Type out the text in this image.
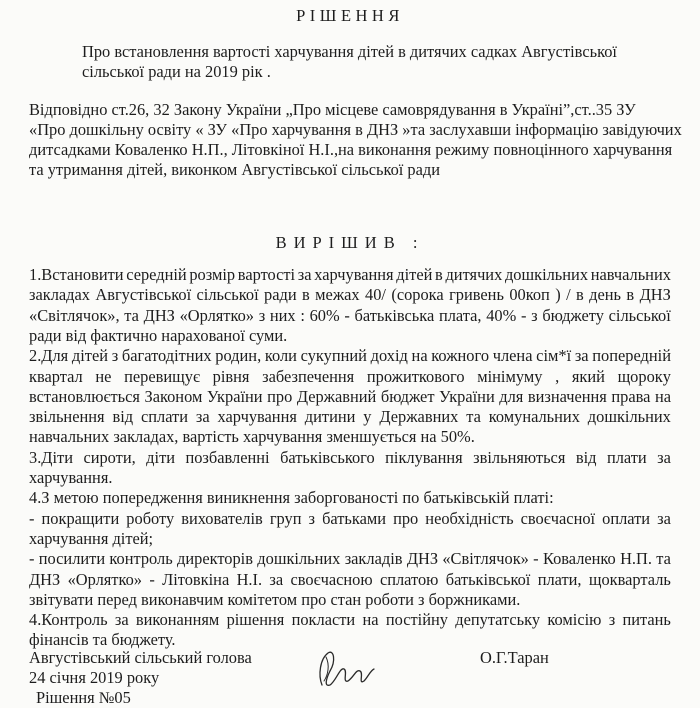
РІШЕННЯ
Про встановлення вартості харчування дітей в дитячих садках Августівської
сільської ради на 2019 рік .
Відповідно ст.26, 32 Закону України „Про місцеве самоврядування в Україні”,ст..35 ЗУ
«Про дошкільну освіту « ЗУ «Про харчування в ДНЗ »та заслухавши інформацію завідуючих
дитсадками Коваленко Н.П., Літовкіної Н.І.,на виконання режиму повноцінного харчування
та утримання дітей, виконком Августівської сільської ради
ВИРІШИВ :
1.Встановити середній розмір вартості за харчування дітей в дитячих дошкільних навчальних
закладах Августівської сільської ради в межах 40/ (сорока гривень 00коп ) / в день в ДНЗ
«Світлячок», та ДНЗ «Орлятко» з них : 60% - батьківська плата, 40% - з бюджету сільської
ради від фактично нарахованої суми.
2.Для дітей з багатодітних родин, коли сукупний дохід на кожного члена сім*ї за попередній
квартал не перевищує рівня забезпечення прожиткового мінімуму , який щорокy
встановлюється Законом України про Державний бюджет України для визначення права на
звільнення від сплати за харчування дитини у Державних та комунальних дошкільних
навчальних закладах, вартість харчування зменшується на 50%.
3.Діти сироти, діти позбавленні батьківського піклування звільняються від плати за
харчування.
4.З метою попередження виникнення заборгованості по батьківській платі:
- покращити роботу вихователів груп з батьками про необхідність своєчасної оплати за
харчування дітей;
- посилити контроль директорів дошкільних закладів ДНЗ «Світлячок» - Коваленко Н.П. та
ДНЗ «Орлятко» - Літовкіна Н.І. за своєчасною сплатою батьківської плати, щокварталь
звітувати перед виконавчим комітетом про стан роботи з боржниками.
4.Контроль за виконанням рішення покласти на постійну депутатську комісію з питань
фінансів та бюджету.
Августівський сільський голова
24 січня 2019 року
Рішення №05
О.Г.Таран
